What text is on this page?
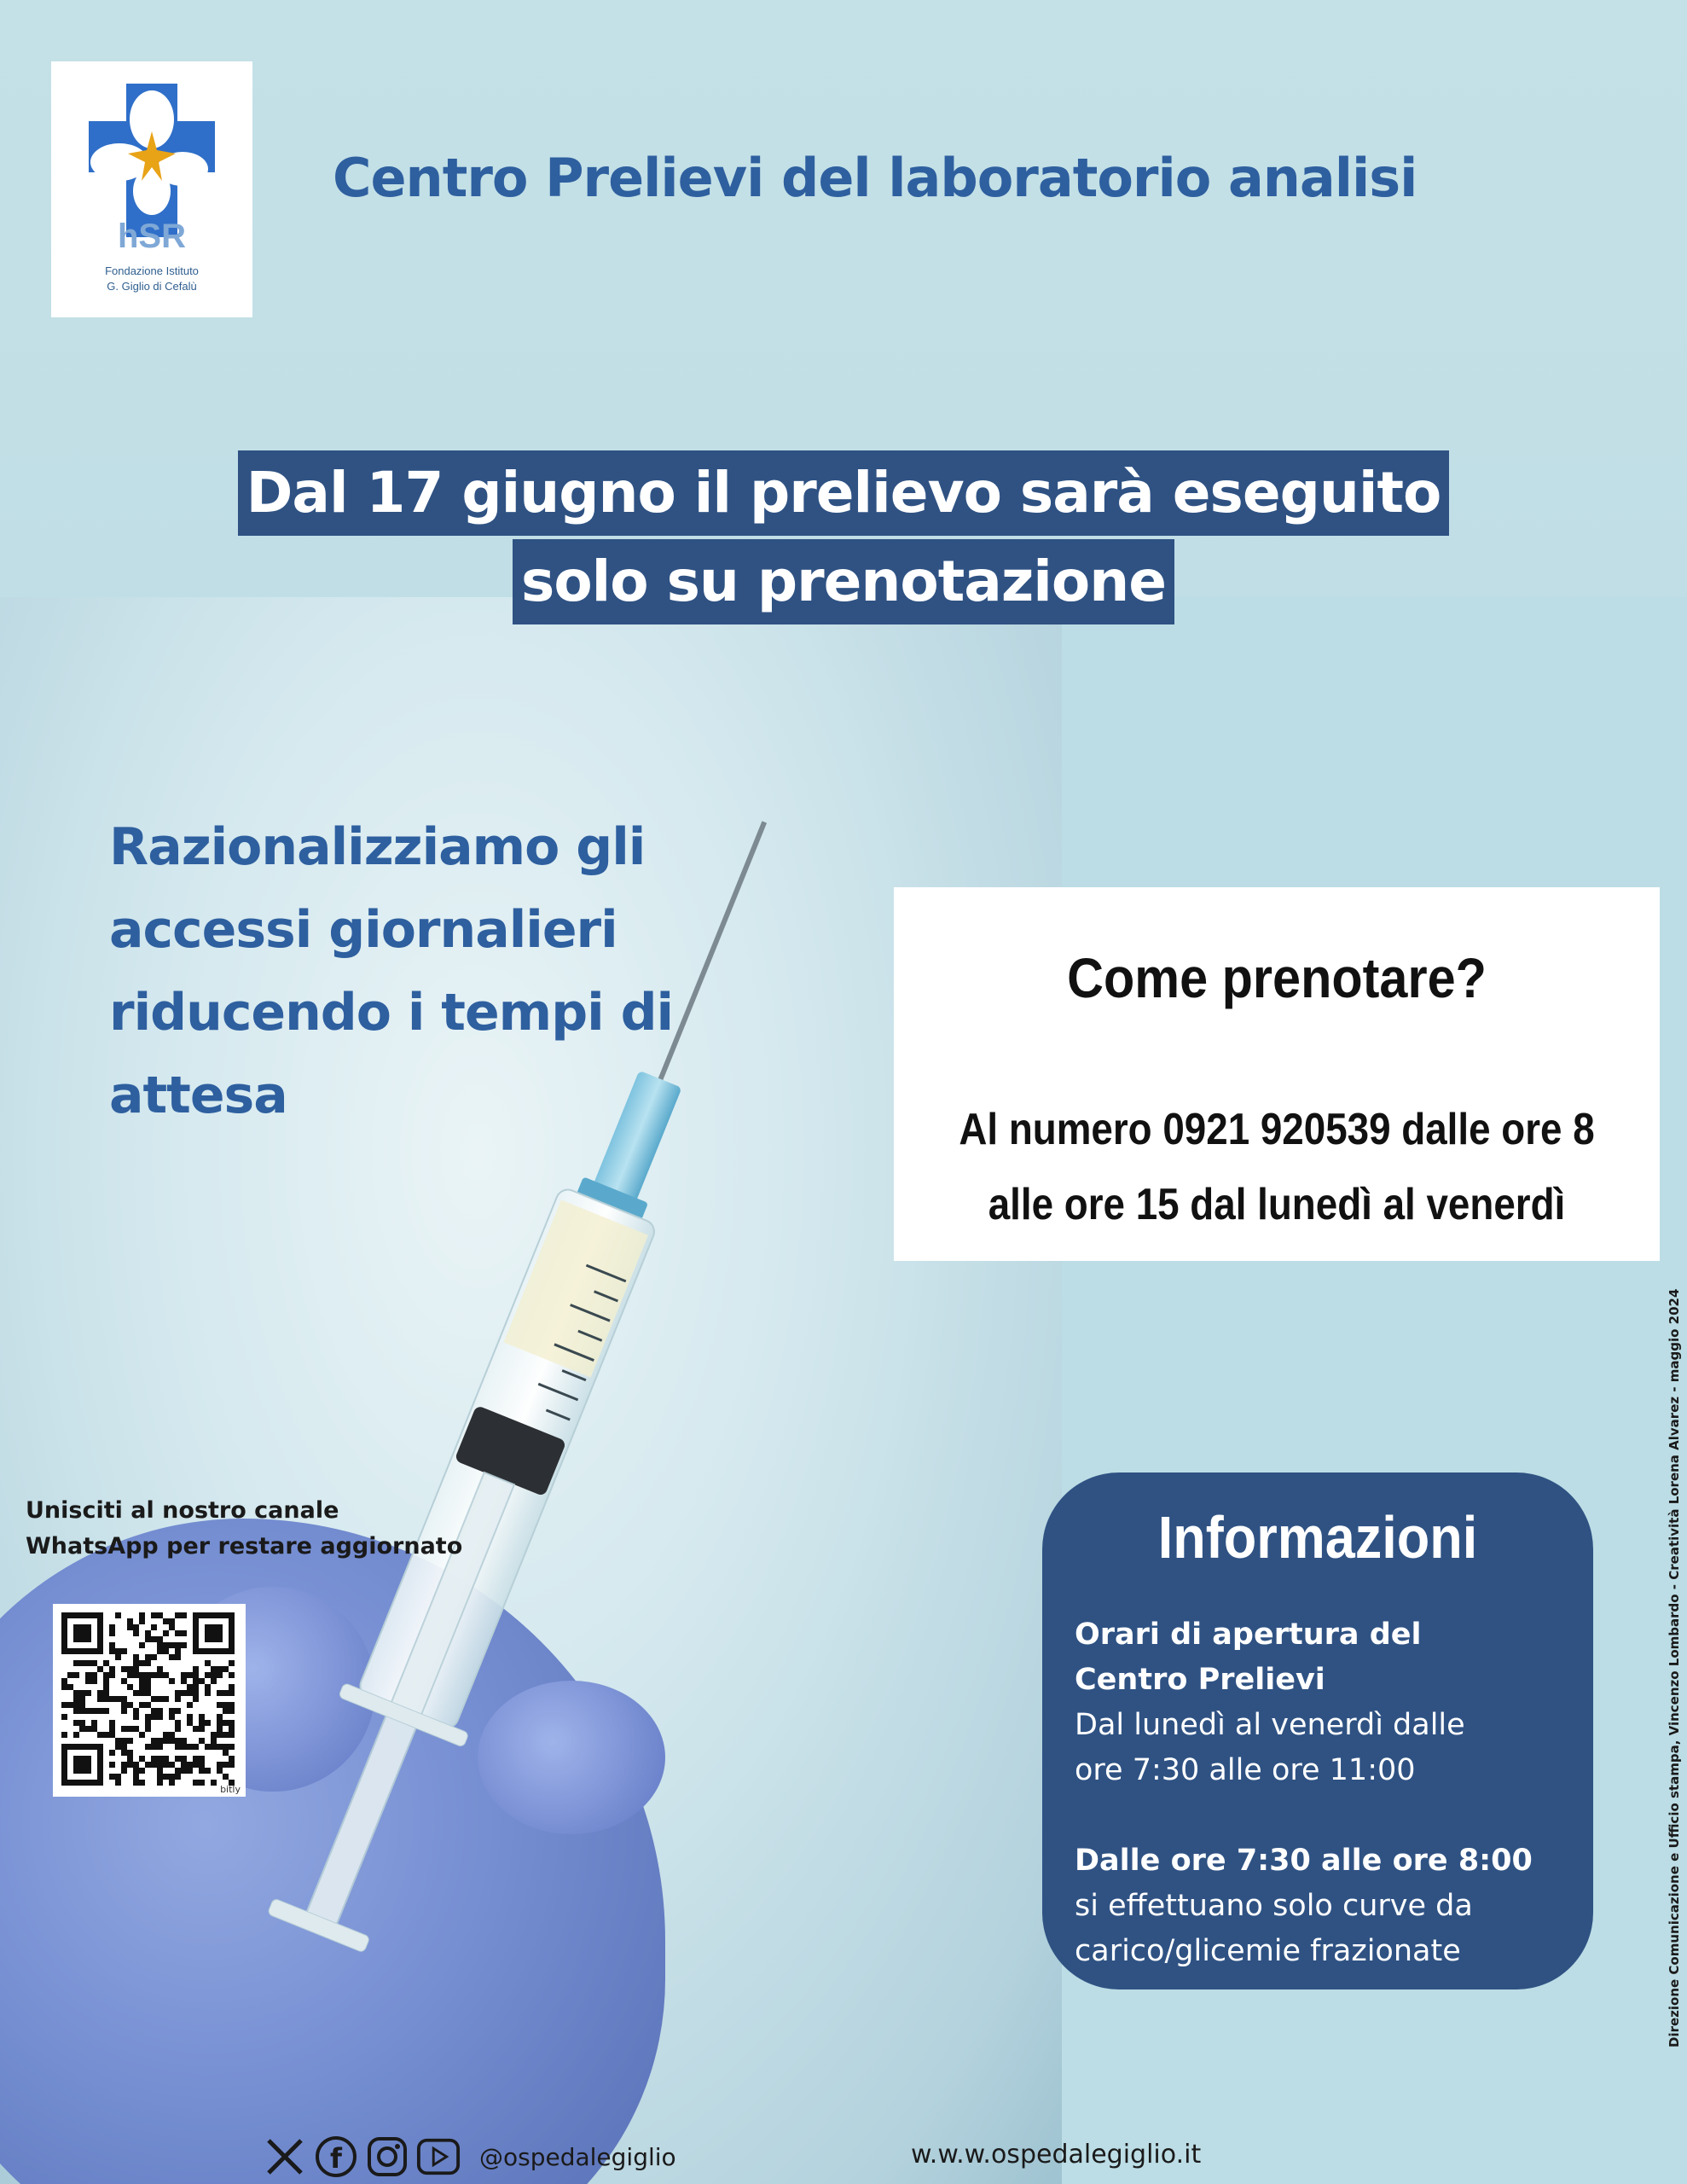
hSR
Fondazione Istituto
G. Giglio di Cefalù
Centro Prelievi del laboratorio analisi
Dal 17 giugno il prelievo sarà eseguito
solo su prenotazione
Razionalizziamo gli
accessi giornalieri
riducendo i tempi di
attesa
Come prenotare?
Al numero 0921 920539 dalle ore 8
alle ore 15 dal lunedì al venerdì
Unisciti al nostro canale
WhatsApp per restare aggiornato
bitly
Informazioni
Orari di apertura del
Centro Prelievi
Dal lunedì al venerdì dalle
ore 7:30 alle ore 11:00
Dalle ore 7:30 alle ore 8:00
si effettuano solo curve da
carico/glicemie frazionate	Direzione Comunicazione e Ufficio stampa, Vincenzo Lombardo - Creatività Lorena Alvarez - maggio 2024
f	@ospedalegiglio	w.w.w.ospedalegiglio.it
